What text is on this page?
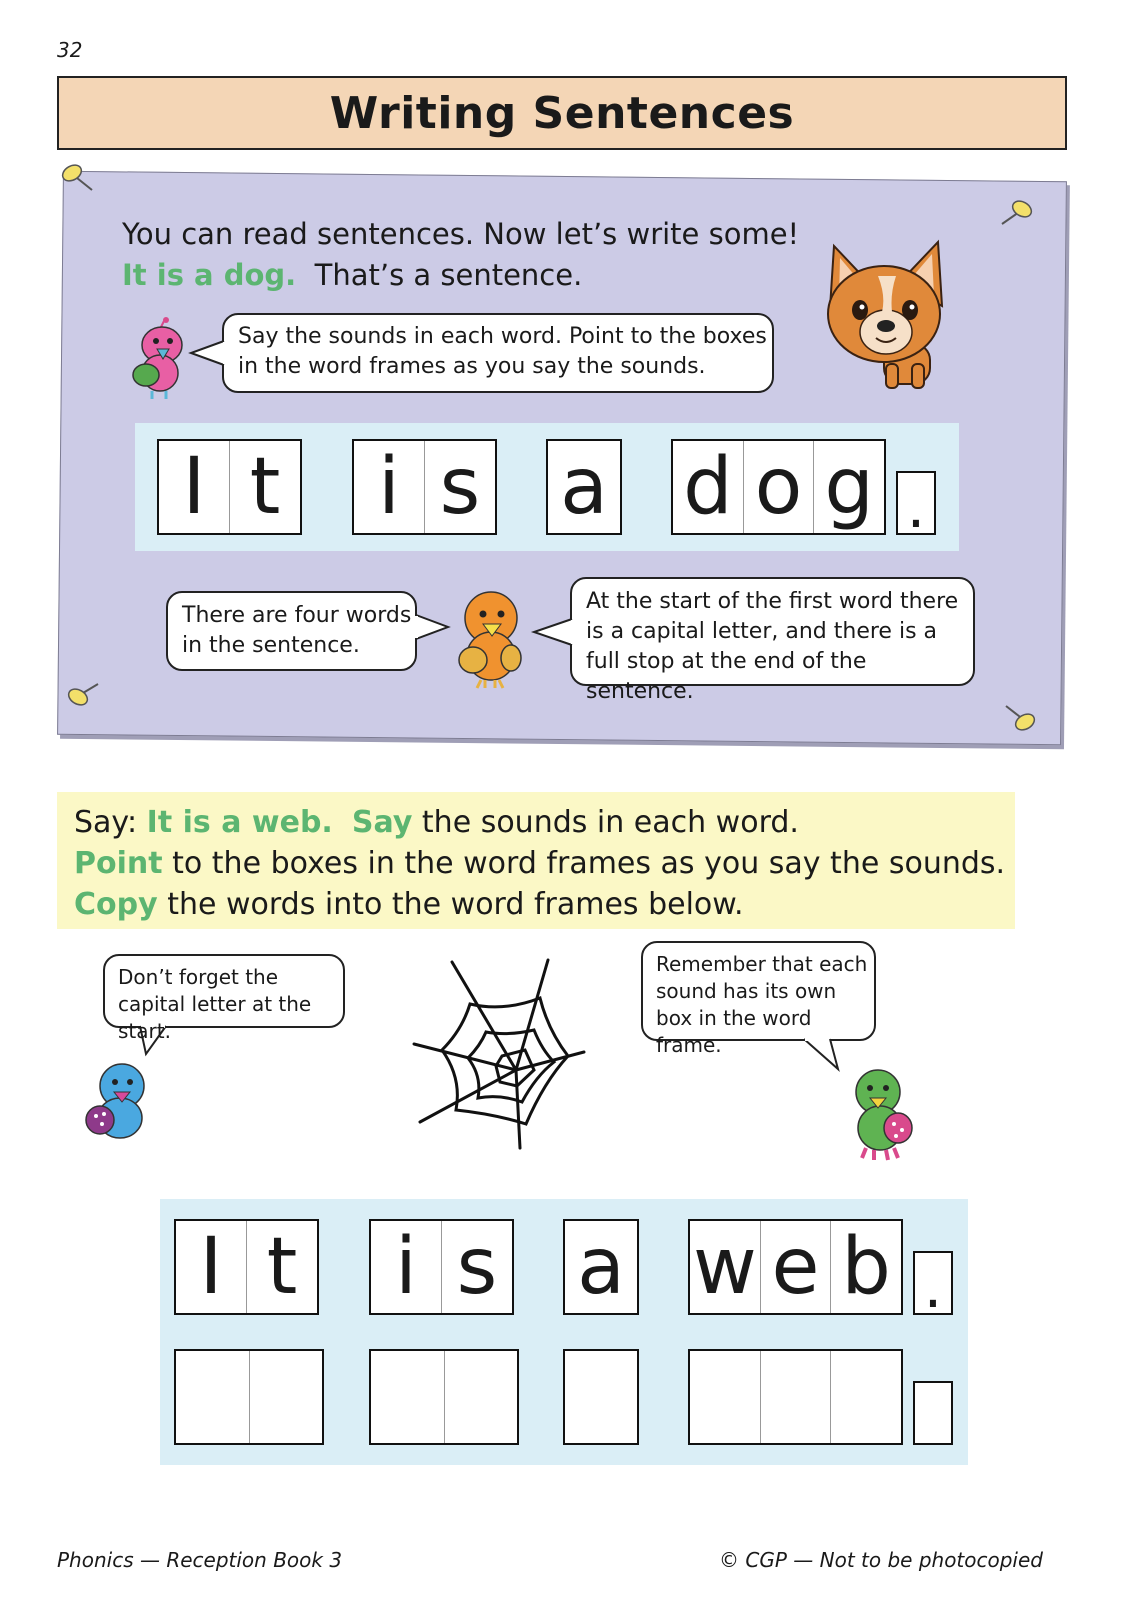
32
Writing Sentences
You can read sentences. Now let’s write some!
It is a dog. That’s a sentence.
Say the sounds in each word. Point to the boxes in the word frames as you say the sounds.
I t	i s a d o g .
There are four words in the sentence.
At the start of the first word there is a capital letter, and there is a full stop at the end of the sentence.
Say: It is a web. Say the sounds in each word.
Point to the boxes in the word frames as you say the sounds.
Copy the words into the word frames below.
Don’t forget the capital letter at the start.
Remember that each sound has its own box in the word frame.
I t	i s a w e b .
Phonics — Reception Book 3	© CGP — Not to be photocopied
